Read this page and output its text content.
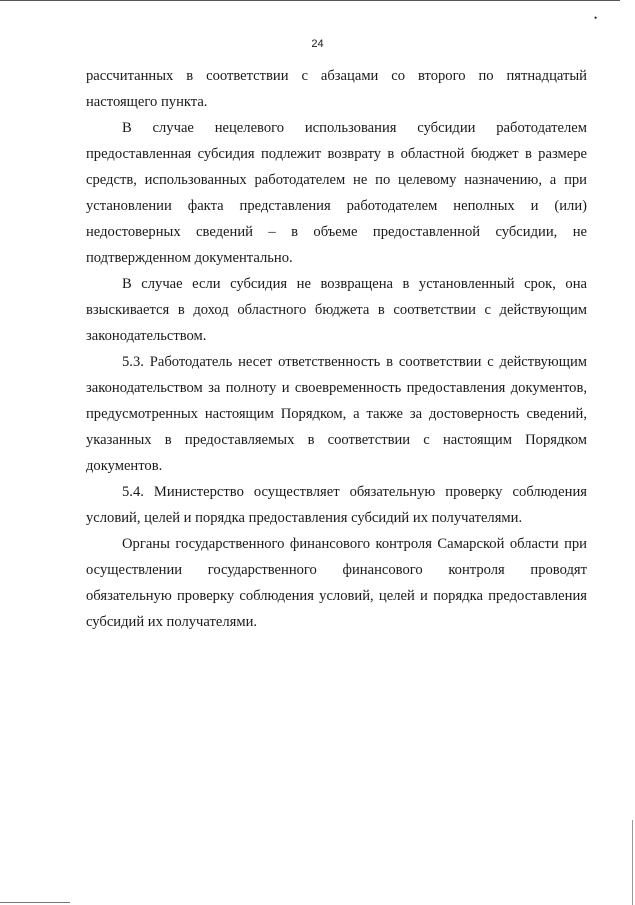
•
24

рассчитанных в соответствии с абзацами со второго по пятнадцатый настоящего пункта.

В случае нецелевого использования субсидии работодателем предоставленная субсидия подлежит возврату в областной бюджет в размере средств, использованных работодателем не по целевому назначению, а при установлении факта представления работодателем неполных и (или) недостоверных сведений – в объеме предоставленной субсидии, не подтвержденном документально.

В случае если субсидия не возвращена в установленный срок, она взыскивается в доход областного бюджета в соответствии с действующим законодательством.

5.3. Работодатель несет ответственность в соответствии с действующим законодательством за полноту и своевременность предоставления документов, предусмотренных настоящим Порядком, а также за достоверность сведений, указанных в предоставляемых в соответствии с настоящим Порядком документов.

5.4. Министерство осуществляет обязательную проверку соблюдения условий, целей и порядка предоставления субсидий их получателями.

Органы государственного финансового контроля Самарской области при осуществлении государственного финансового контроля проводят обязательную проверку соблюдения условий, целей и порядка предоставления субсидий их получателями.
